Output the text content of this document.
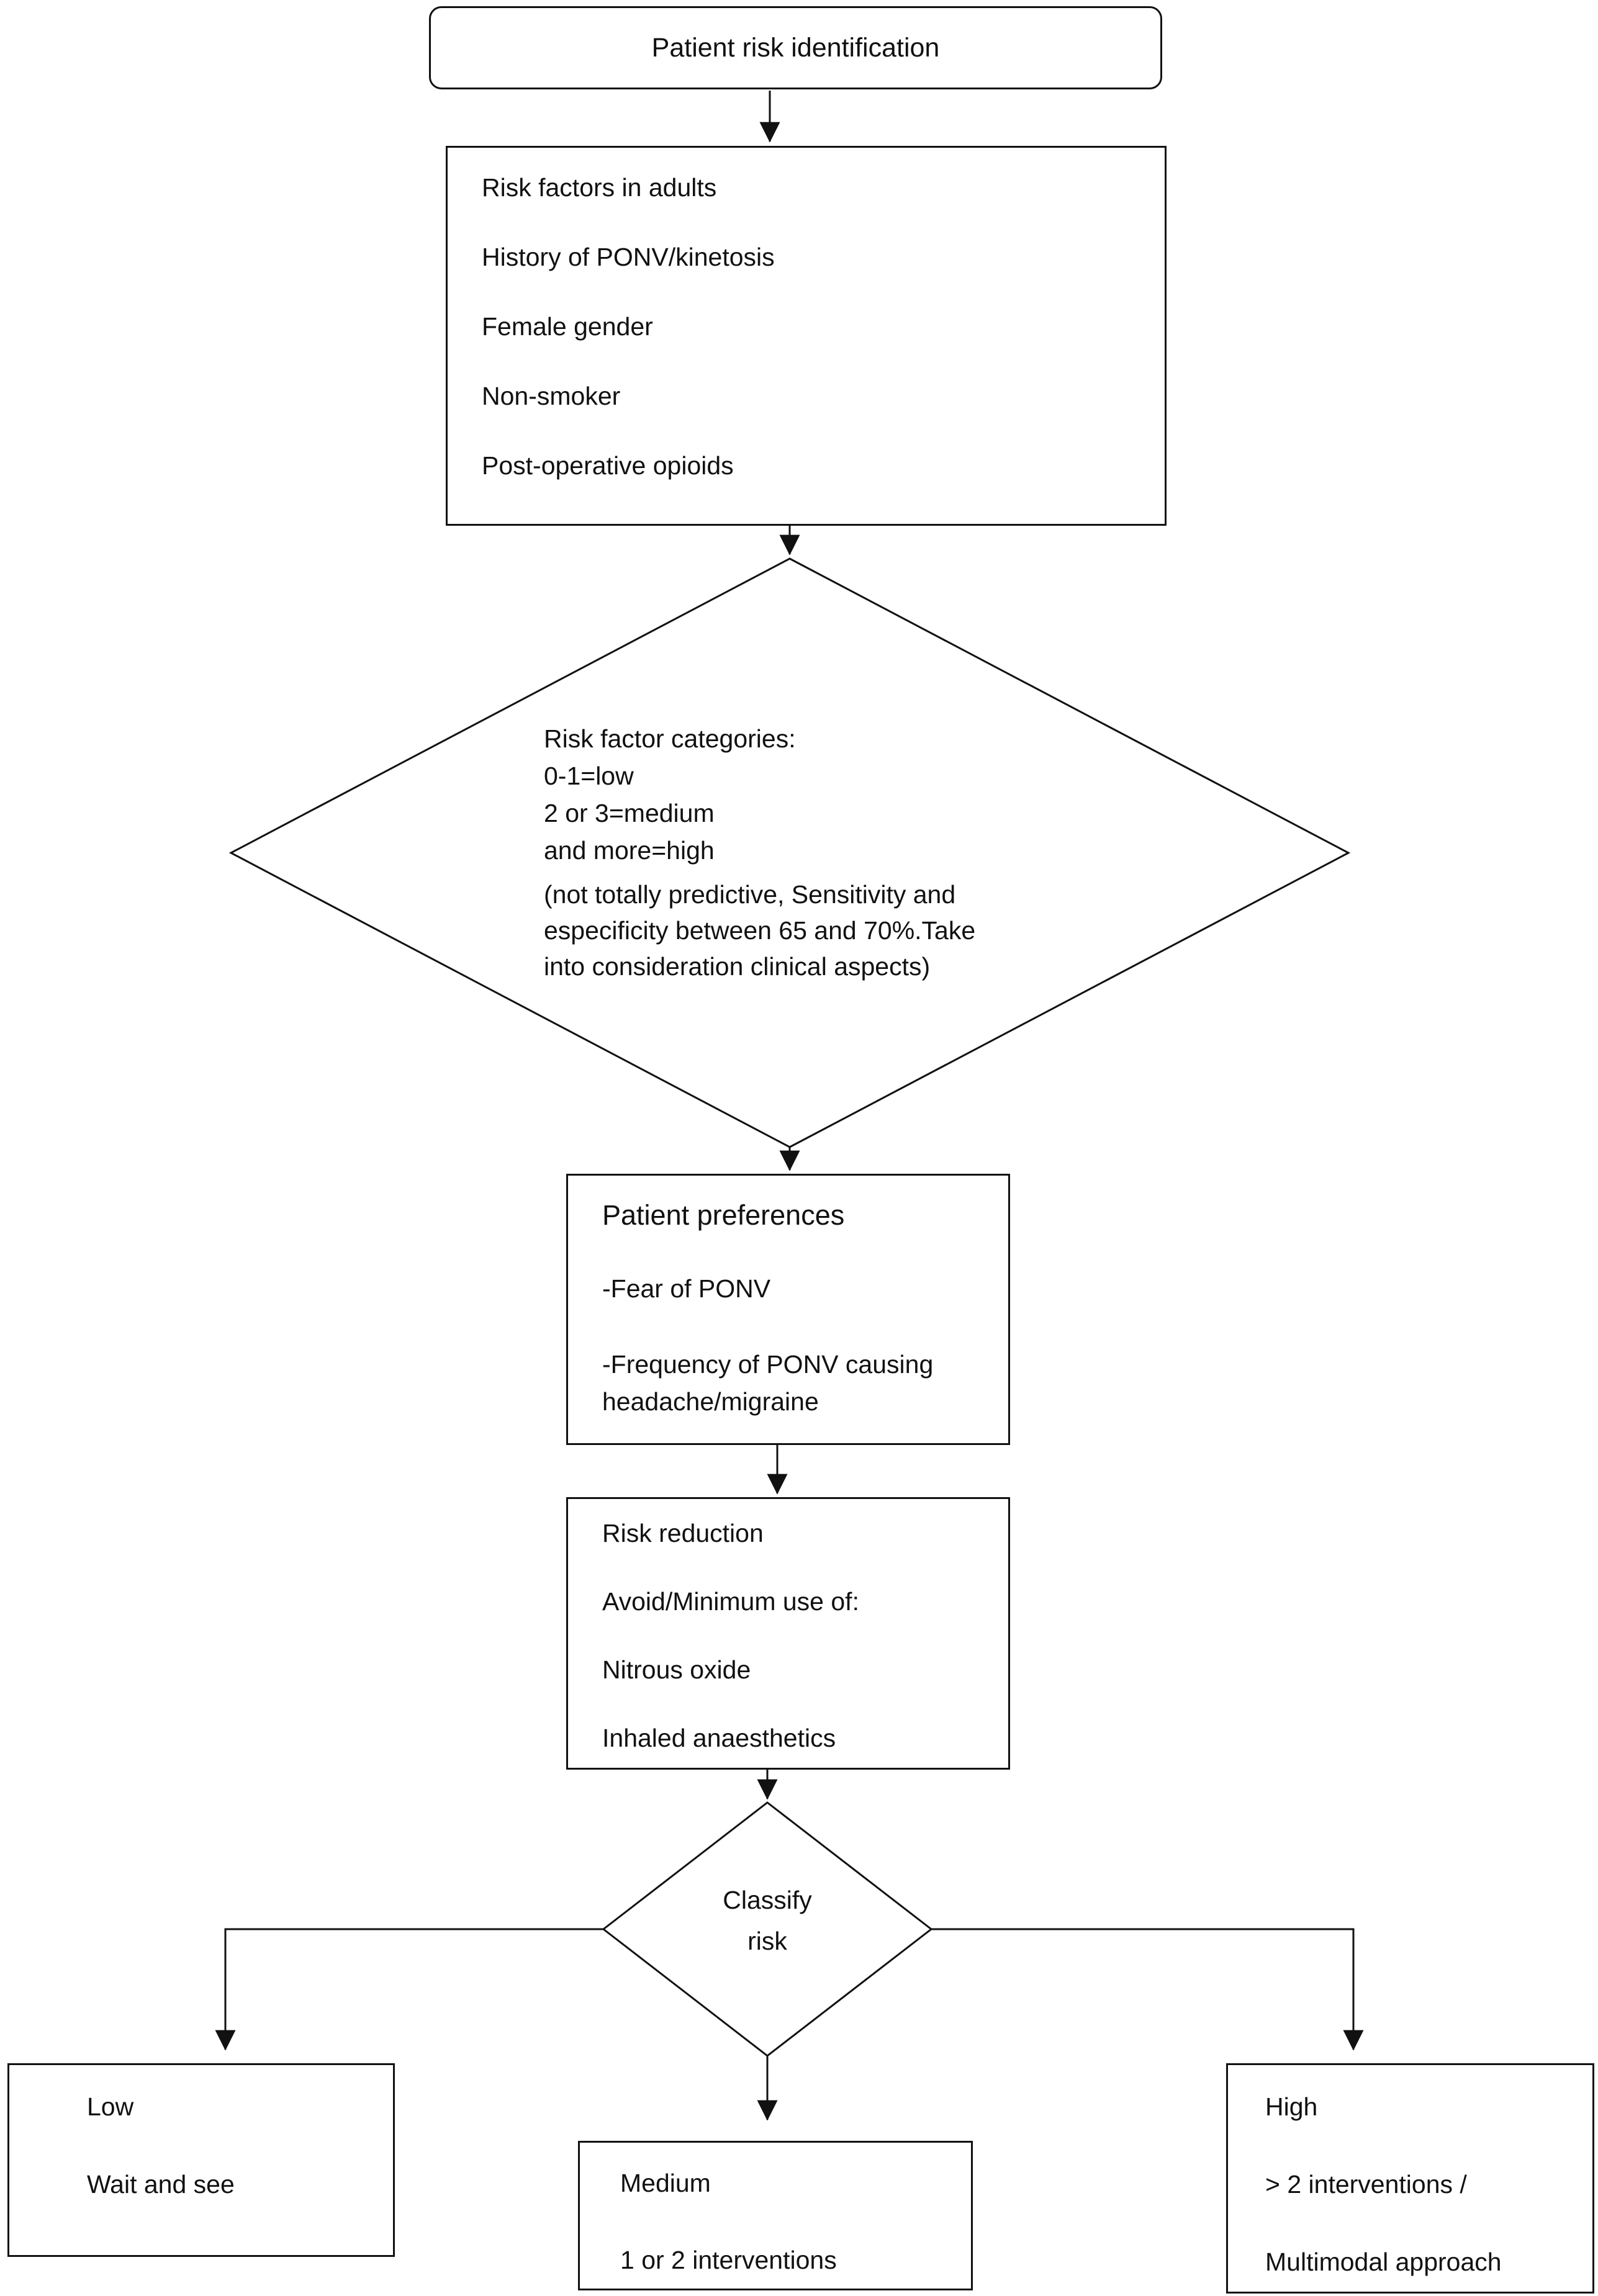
Patient risk identification
Risk factors in adults
History of PONV/kinetosis
Female gender
Non-smoker
Post-operative opioids
Risk factor categories:
0-1=low
2 or 3=medium
and more=high
(not totally predictive, Sensitivity and
especificity between 65 and 70%.Take
into consideration clinical aspects)
Patient preferences
-Fear of PONV
-Frequency of PONV causing headache/migraine
Risk reduction
Avoid/Minimum use of:
Nitrous oxide
Inhaled anaesthetics
Classify
risk
Low
Wait and see	Medium
1 or 2 interventions
High
> 2 interventions /
Multimodal approach
